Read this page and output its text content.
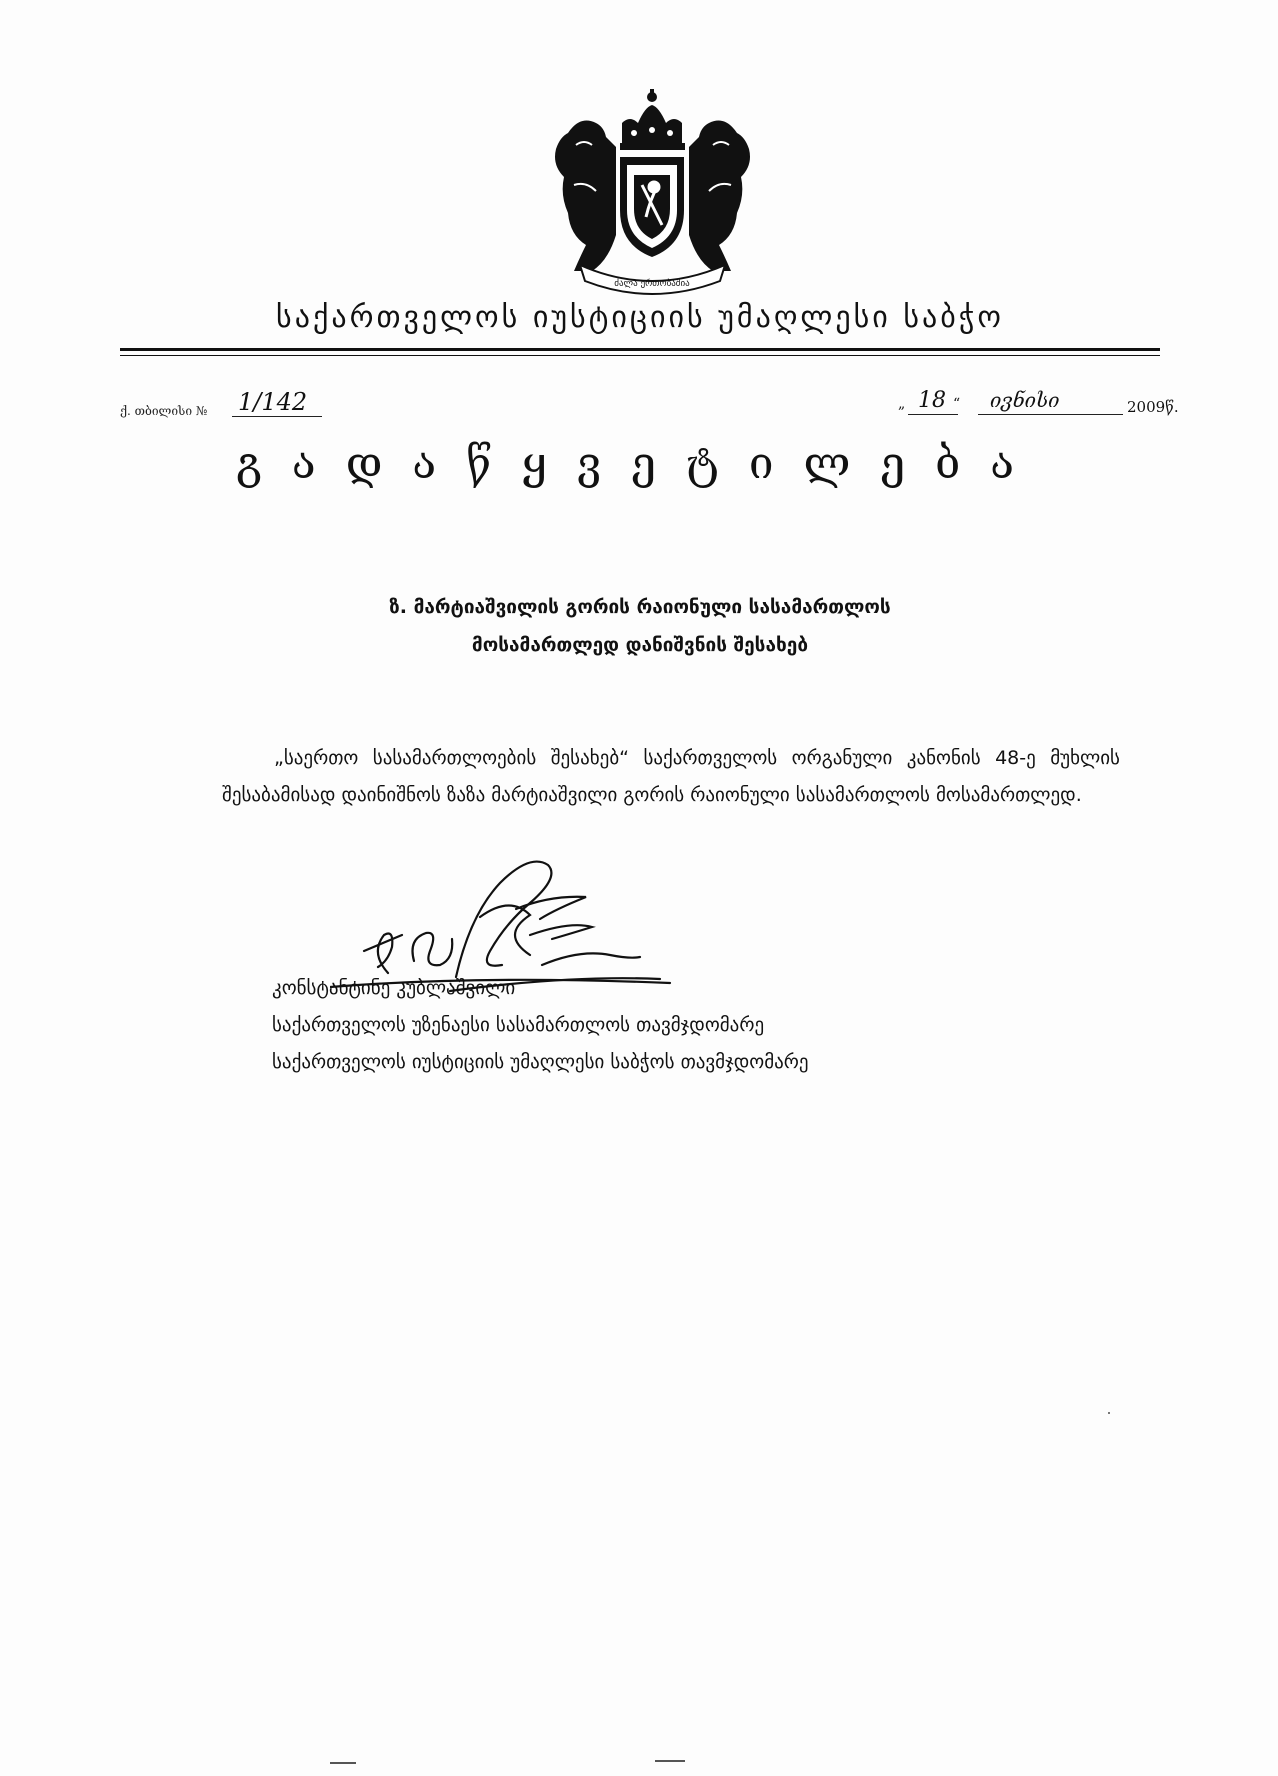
ძალა ერთობაშია
საქართველოს იუსტიციის უმაღლესი საბჭო
ქ. თბილისი № 1/142	„ 18 “ ივნისი	2009წ.
გადაწყვეტილება
ზ. მარტიაშვილის გორის რაიონული სასამართლოს
მოსამართლედ დანიშვნის შესახებ
„საერთო სასამართლოების შესახებ“ საქართველოს ორგანული კანონის 48-ე მუხლის შესაბამისად დაინიშნოს ზაზა მარტიაშვილი გორის რაიონული სასამართლოს მოსამართლედ.
კონსტანტინე კუბლაშვილი
საქართველოს უზენაესი სასამართლოს თავმჯდომარე
საქართველოს იუსტიციის უმაღლესი საბჭოს თავმჯდომარე
